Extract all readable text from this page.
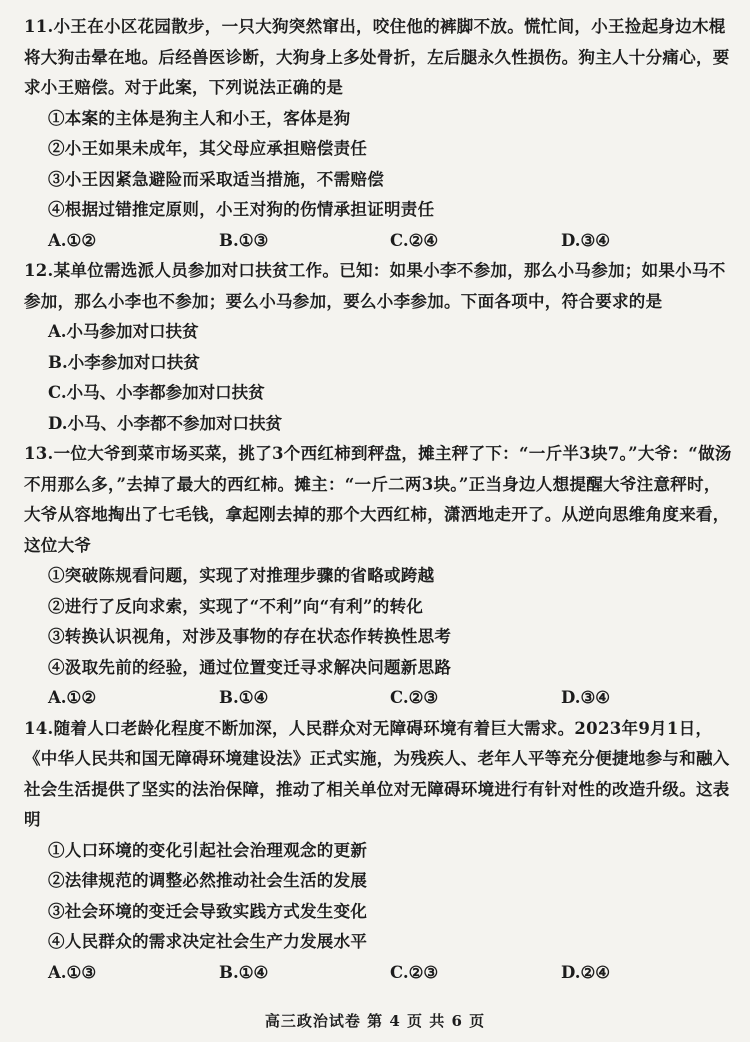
11.小王在小区花园散步，一只大狗突然窜出，咬住他的裤脚不放。慌忙间，小王捡起身边木棍将大狗击晕在地。后经兽医诊断，大狗身上多处骨折，左后腿永久性损伤。狗主人十分痛心，要求小王赔偿。对于此案，下列说法正确的是
①本案的主体是狗主人和小王，客体是狗
②小王如果未成年，其父母应承担赔偿责任
③小王因紧急避险而采取适当措施，不需赔偿
④根据过错推定原则，小王对狗的伤情承担证明责任
A.①②	B.①③	C.②④	D.③④
12.某单位需选派人员参加对口扶贫工作。已知：如果小李不参加，那么小马参加；如果小马不参加，那么小李也不参加；要么小马参加，要么小李参加。下面各项中，符合要求的是
A.小马参加对口扶贫
B.小李参加对口扶贫
C.小马、小李都参加对口扶贫
D.小马、小李都不参加对口扶贫
13.一位大爷到菜市场买菜，挑了3个西红柿到秤盘，摊主秤了下：“一斤半3块7。”大爷：“做汤不用那么多，”去掉了最大的西红柿。摊主：“一斤二两3块。”正当身边人想提醒大爷注意秤时，大爷从容地掏出了七毛钱，拿起刚去掉的那个大西红柿，潇洒地走开了。从逆向思维角度来看，这位大爷
①突破陈规看问题，实现了对推理步骤的省略或跨越
②进行了反向求索，实现了“不利”向“有利”的转化
③转换认识视角，对涉及事物的存在状态作转换性思考
④汲取先前的经验，通过位置变迁寻求解决问题新思路
A.①②	B.①④	C.②③	D.③④
14.随着人口老龄化程度不断加深，人民群众对无障碍环境有着巨大需求。2023年9月1日，《中华人民共和国无障碍环境建设法》正式实施，为残疾人、老年人平等充分便捷地参与和融入社会生活提供了坚实的法治保障，推动了相关单位对无障碍环境进行有针对性的改造升级。这表明
①人口环境的变化引起社会治理观念的更新
②法律规范的调整必然推动社会生活的发展
③社会环境的变迁会导致实践方式发生变化
④人民群众的需求决定社会生产力发展水平
A.①③	B.①④	C.②③	D.②④
高三政治试卷 第 4 页 共 6 页
